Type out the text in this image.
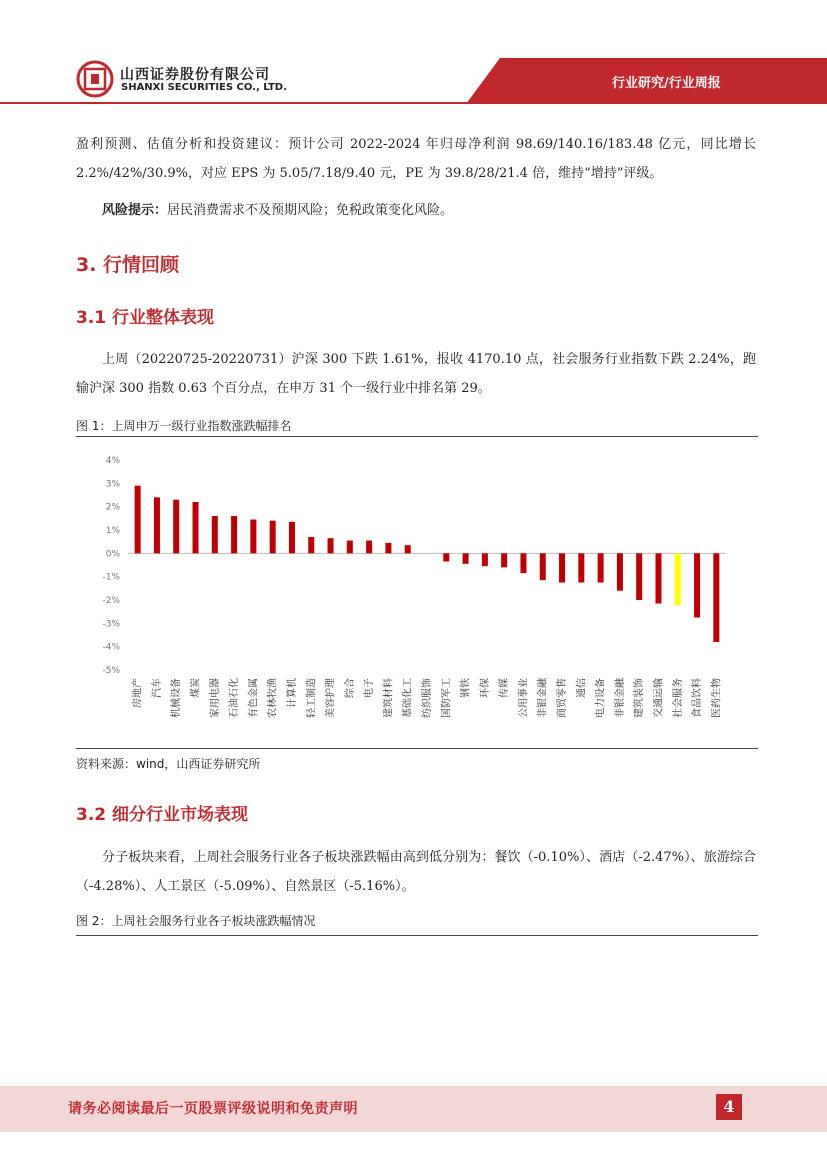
山西证券股份有限公司
SHANXI SECURITIES CO., LTD.	行业研究/行业周报
盈利预测、估值分析和投资建议：预计公司 2022-2024 年归母净利润 98.69/140.16/183.48 亿元，同比增长 2.2%/42%/30.9%，对应 EPS 为 5.05/7.18/9.40 元，PE 为 39.8/28/21.4 倍，维持“增持”评级。
风险提示：居民消费需求不及预期风险；免税政策变化风险。
3. 行情回顾
3.1 行业整体表现
上周（20220725-20220731）沪深 300 下跌 1.61%，报收 4170.10 点，社会服务行业指数下跌 2.24%，跑输沪深 300 指数 0.63 个百分点，在申万 31 个一级行业中排名第 29。
图 1：上周申万一级行业指数涨跌幅排名
4%
3%
2%
1%
0%
-1%
-2%
-3%
-4%
-5%
房地产 汽车 机械设备 煤炭 家用电器 石油石化 有色金属 农林牧渔 计算机 轻工制造 美容护理 综合 电子 建筑材料 基础化工 纺织服饰 国防军工 钢铁 环保 传媒 公用事业 非银金融 商贸零售 通信 电力设备 非银金融 建筑装饰 交通运输 社会服务 食品饮料 医药生物
资料来源：wind，山西证券研究所
3.2 细分行业市场表现
分子板块来看，上周社会服务行业各子板块涨跌幅由高到低分别为：餐饮（-0.10%）、酒店（-2.47%）、旅游综合（-4.28%）、人工景区（-5.09%）、自然景区（-5.16%）。
图 2：上周社会服务行业各子板块涨跌幅情况
请务必阅读最后一页股票评级说明和免责声明	4
